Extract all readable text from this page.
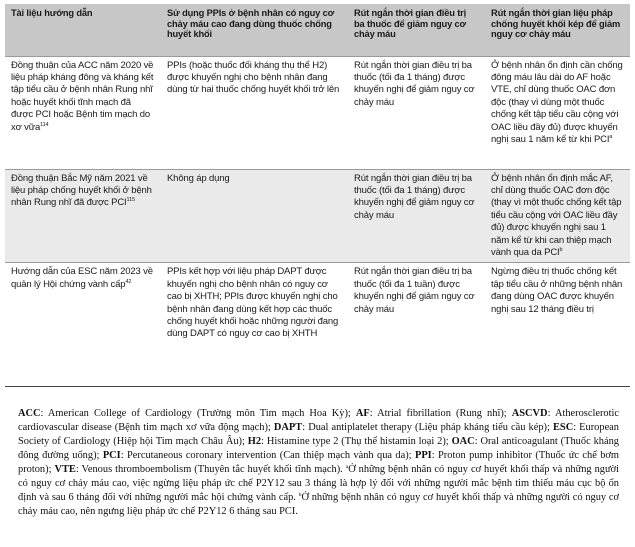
Tài liệu hướng dẫn	Sử dụng PPIs ở bệnh nhân có nguy cơ chảy máu cao đang dùng thuốc chống huyết khối	Rút ngắn thời gian điều trị ba thuốc để giảm nguy cơ chảy máu	Rút ngắn thời gian liệu pháp chống huyết khối kép để giảm nguy cơ chảy máu
Đồng thuận của ACC năm 2020 về liệu pháp kháng đông và kháng kết tập tiểu cầu ở bệnh nhân Rung nhĩ hoặc huyết khối tĩnh mạch đã được PCI hoặc Bệnh tim mạch do xơ vữa$^{114}$	PPIs (hoặc thuốc đối kháng thụ thể H2) được khuyến nghị cho bệnh nhân đang dùng từ hai thuốc chống huyết khối trở lên	Rút ngắn thời gian điều trị ba thuốc (tối đa 1 tháng) được khuyến nghị để giảm nguy cơ chảy máu	Ở bệnh nhân ổn định cần chống đông máu lâu dài do AF hoặc VTE, chỉ dùng thuốc OAC đơn độc (thay vì dùng một thuốc chống kết tập tiểu cầu cộng với OAC liều đầy đủ) được khuyến nghị sau 1 năm kể từ khi PCI$^a$
Đồng thuận Bắc Mỹ năm 2021 về liệu pháp chống huyết khối ở bệnh nhân Rung nhĩ đã được PCI$^{115}$	Không áp dụng	Rút ngắn thời gian điều trị ba thuốc (tối đa 1 tháng) được khuyến nghị để giảm nguy cơ chảy máu	Ở bệnh nhân ổn định mắc AF, chỉ dùng thuốc OAC đơn độc (thay vì một thuốc chống kết tập tiểu cầu cộng với OAC liều đầy đủ) được khuyến nghị sau 1 năm kể từ khi can thiệp mạch vành qua da PCI$^b$
Hướng dẫn của ESC năm 2023 về quản lý Hội chứng vành cấp$^{42}$	PPIs kết hợp với liệu pháp DAPT được khuyến nghị cho bệnh nhân có nguy cơ cao bị XHTH; PPIs được khuyến nghị cho bệnh nhân đang dùng kết hợp các thuốc chống huyết khối hoặc những người đang dùng DAPT có nguy cơ cao bị XHTH	Rút ngắn thời gian điều trị ba thuốc (tối đa 1 tuần) được khuyến nghị để giảm nguy cơ chảy máu	Ngừng điều trị thuốc chống kết tập tiểu cầu ở những bệnh nhân đang dùng OAC được khuyến nghị sau 12 tháng điều trị
ACC: American College of Cardiology (Trường môn Tim mạch Hoa Kỳ); AF: Atrial fibrillation (Rung nhĩ); ASCVD: Atherosclerotic cardiovascular disease (Bệnh tim mạch xơ vữa động mạch); DAPT: Dual antiplatelet therapy (Liệu pháp kháng tiểu cầu kép); ESC: European Society of Cardiology (Hiệp hội Tim mạch Châu Âu); H2: Histamine type 2 (Thụ thể histamin loại 2); OAC: Oral anticoagulant (Thuốc kháng đông đường uống); PCI: Percutaneous coronary intervention (Can thiệp mạch vành qua da); PPI: Proton pump inhibitor (Thuốc ức chế bơm proton); VTE: Venous thromboembolism (Thuyên tắc huyết khối tĩnh mạch). $^a$Ở những bệnh nhân có nguy cơ huyết khối thấp và những người có nguy cơ chảy máu cao, việc ngừng liệu pháp ức chế P2Y12 sau 3 tháng là hợp lý đối với những người mắc bệnh tim thiếu máu cục bộ ổn định và sau 6 tháng đối với những người mắc hội chứng vành cấp. $^b$Ở những bệnh nhân có nguy cơ huyết khối thấp và những người có nguy cơ chảy máu cao, nên ngưng liệu pháp ức chế P2Y12 6 tháng sau PCI.
